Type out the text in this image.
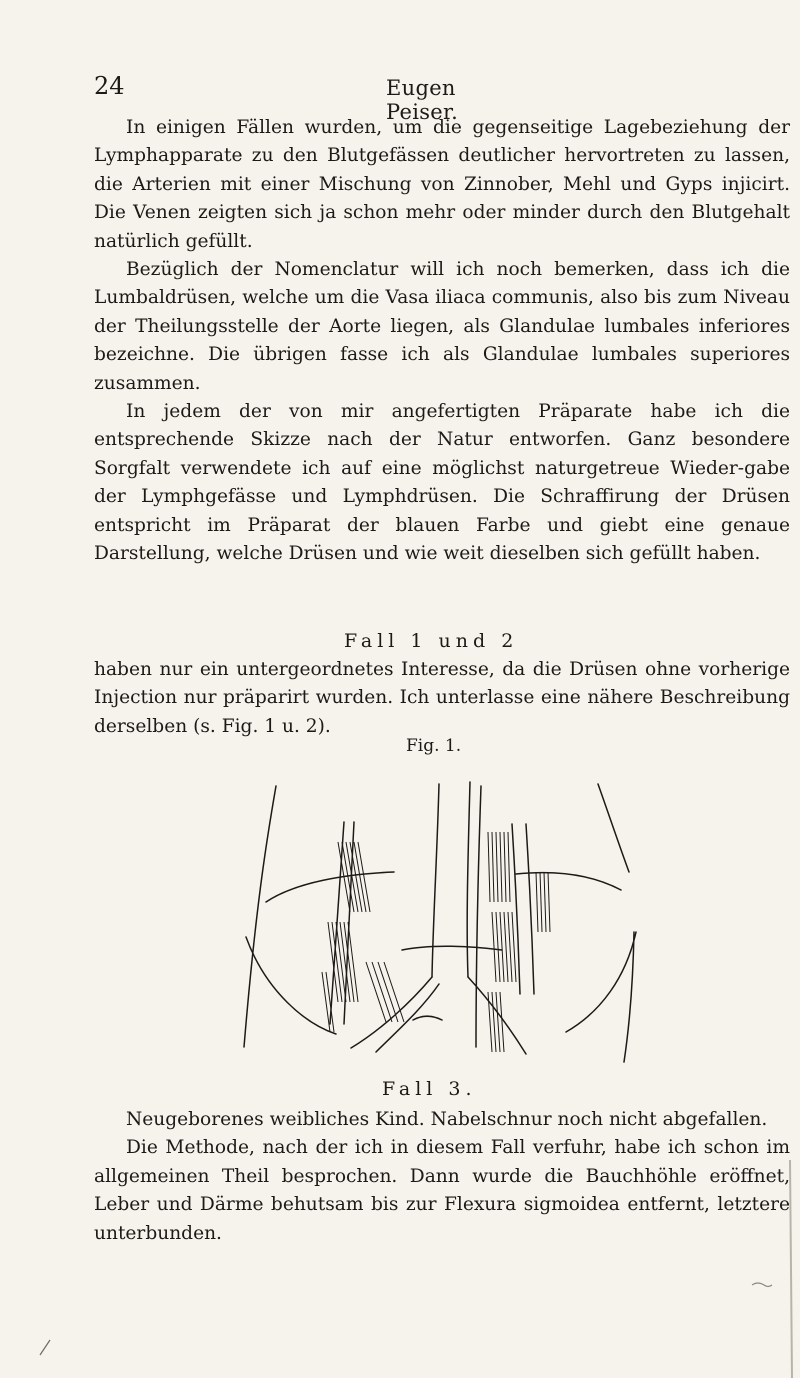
24	Eugen Peiser.

In einigen Fällen wurden, um die gegenseitige Lagebeziehung der Lymphapparate zu den Blutgefässen deutlicher hervortreten zu lassen, die Arterien mit einer Mischung von Zinnober, Mehl und Gyps injicirt. Die Venen zeigten sich ja schon mehr oder minder durch den Blutgehalt natürlich gefüllt.

Bezüglich der Nomenclatur will ich noch bemerken, dass ich die Lumbaldrüsen, welche um die Vasa iliaca communis, also bis zum Niveau der Theilungsstelle der Aorte liegen, als Glandulae lumbales inferiores bezeichne. Die übrigen fasse ich als Glandulae lumbales superiores zusammen.

In jedem der von mir angefertigten Präparate habe ich die entsprechende Skizze nach der Natur entworfen. Ganz besondere Sorgfalt verwendete ich auf eine möglichst naturgetreue Wieder-gabe der Lymphgefässe und Lymphdrüsen. Die Schraffirung der Drüsen entspricht im Präparat der blauen Farbe und giebt eine genaue Darstellung, welche Drüsen und wie weit dieselben sich gefüllt haben.

Fall 1 und 2

haben nur ein untergeordnetes Interesse, da die Drüsen ohne vorherige Injection nur präparirt wurden. Ich unterlasse eine nähere Beschreibung derselben (s. Fig. 1 u. 2).

Fig. 1.
Fall 3.

Neugeborenes weibliches Kind. Nabelschnur noch nicht abgefallen.

Die Methode, nach der ich in diesem Fall verfuhr, habe ich schon im allgemeinen Theil besprochen. Dann wurde die Bauchhöhle eröffnet, Leber und Därme behutsam bis zur Flexura sigmoidea entfernt, letztere unterbunden.
